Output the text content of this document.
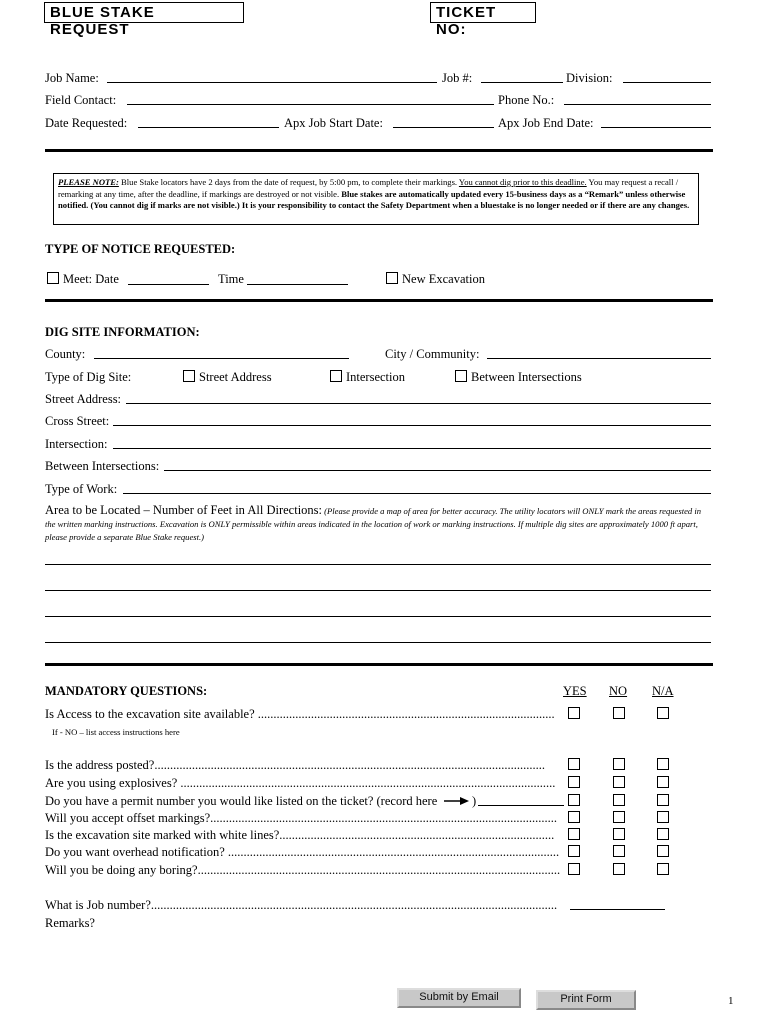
BLUE STAKE REQUEST
TICKET NO:
Job Name:	Job #:	Division:
Field Contact:	Phone No.:
Date Requested:	Apx Job Start Date:	Apx Job End Date:
PLEASE NOTE: Blue Stake locators have 2 days from the date of request, by 5:00 pm, to complete their markings. You cannot dig prior to this deadline. You may request a recall / remarking at any time, after the deadline, if markings are destroyed or not visible. Blue stakes are automatically updated every 15-business days as a “Remark” unless otherwise notified. (You cannot dig if marks are not visible.) It is your responsibility to contact the Safety Department when a bluestake is no longer needed or if there are any changes.
TYPE OF NOTICE REQUESTED:
Meet: Date	Time	New Excavation
DIG SITE INFORMATION:
County:	City / Community:
Type of Dig Site:	Street Address	Intersection	Between Intersections
Street Address:
Cross Street:
Intersection:
Between Intersections:
Type of Work:
Area to be Located – Number of Feet in All Directions: (Please provide a map of area for better accuracy. The utility locators will ONLY mark the areas requested in the written marking instructions. Excavation is ONLY permissible within areas indicated in the location of work or marking instructions. If multiple dig sites are approximately 1000 ft apart, please provide a separate Blue Stake request.)
MANDATORY QUESTIONS:	YES NO N/A
Is Access to the excavation site available? ...............................................................................................
If - NO – list access instructions here
Is the address posted?.............................................................................................................................
Are you using explosives? ........................................................................................................................
Do you have a permit number you would like listed on the ticket? (record here	)
Will you accept offset markings?...............................................................................................................
Is the excavation site marked with white lines?........................................................................................
Do you want overhead notification? ..........................................................................................................
Will you be doing any boring?....................................................................................................................
What is Job number?..................................................................................................................................
Remarks?
Submit by Email	Print Form	1
